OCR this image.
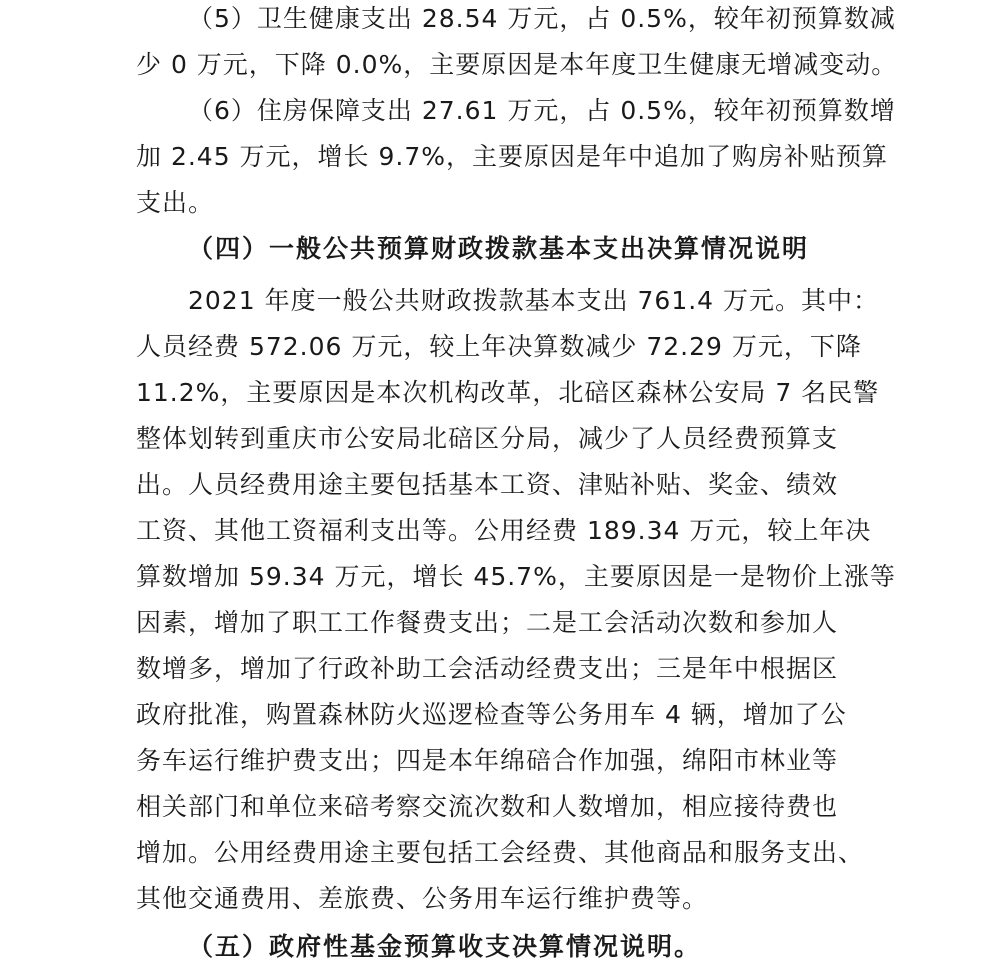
（5）卫生健康支出 28.54 万元，占 0.5%，较年初预算数减
少 0 万元，下降 0.0%，主要原因是本年度卫生健康无增减变动。
（6）住房保障支出 27.61 万元，占 0.5%，较年初预算数增
加 2.45 万元，增长 9.7%，主要原因是年中追加了购房补贴预算
支出。
（四）一般公共预算财政拨款基本支出决算情况说明
2021 年度一般公共财政拨款基本支出 761.4 万元。其中：
人员经费 572.06 万元，较上年决算数减少 72.29 万元，下降
11.2%，主要原因是本次机构改革，北碚区森林公安局 7 名民警
整体划转到重庆市公安局北碚区分局，减少了人员经费预算支
出。人员经费用途主要包括基本工资、津贴补贴、奖金、绩效
工资、其他工资福利支出等。公用经费 189.34 万元，较上年决
算数增加 59.34 万元，增长 45.7%，主要原因是一是物价上涨等
因素，增加了职工工作餐费支出；二是工会活动次数和参加人
数增多，增加了行政补助工会活动经费支出；三是年中根据区
政府批准，购置森林防火巡逻检查等公务用车 4 辆，增加了公
务车运行维护费支出；四是本年绵碚合作加强，绵阳市林业等
相关部门和单位来碚考察交流次数和人数增加，相应接待费也
增加。公用经费用途主要包括工会经费、其他商品和服务支出、
其他交通费用、差旅费、公务用车运行维护费等。
（五）政府性基金预算收支决算情况说明。
